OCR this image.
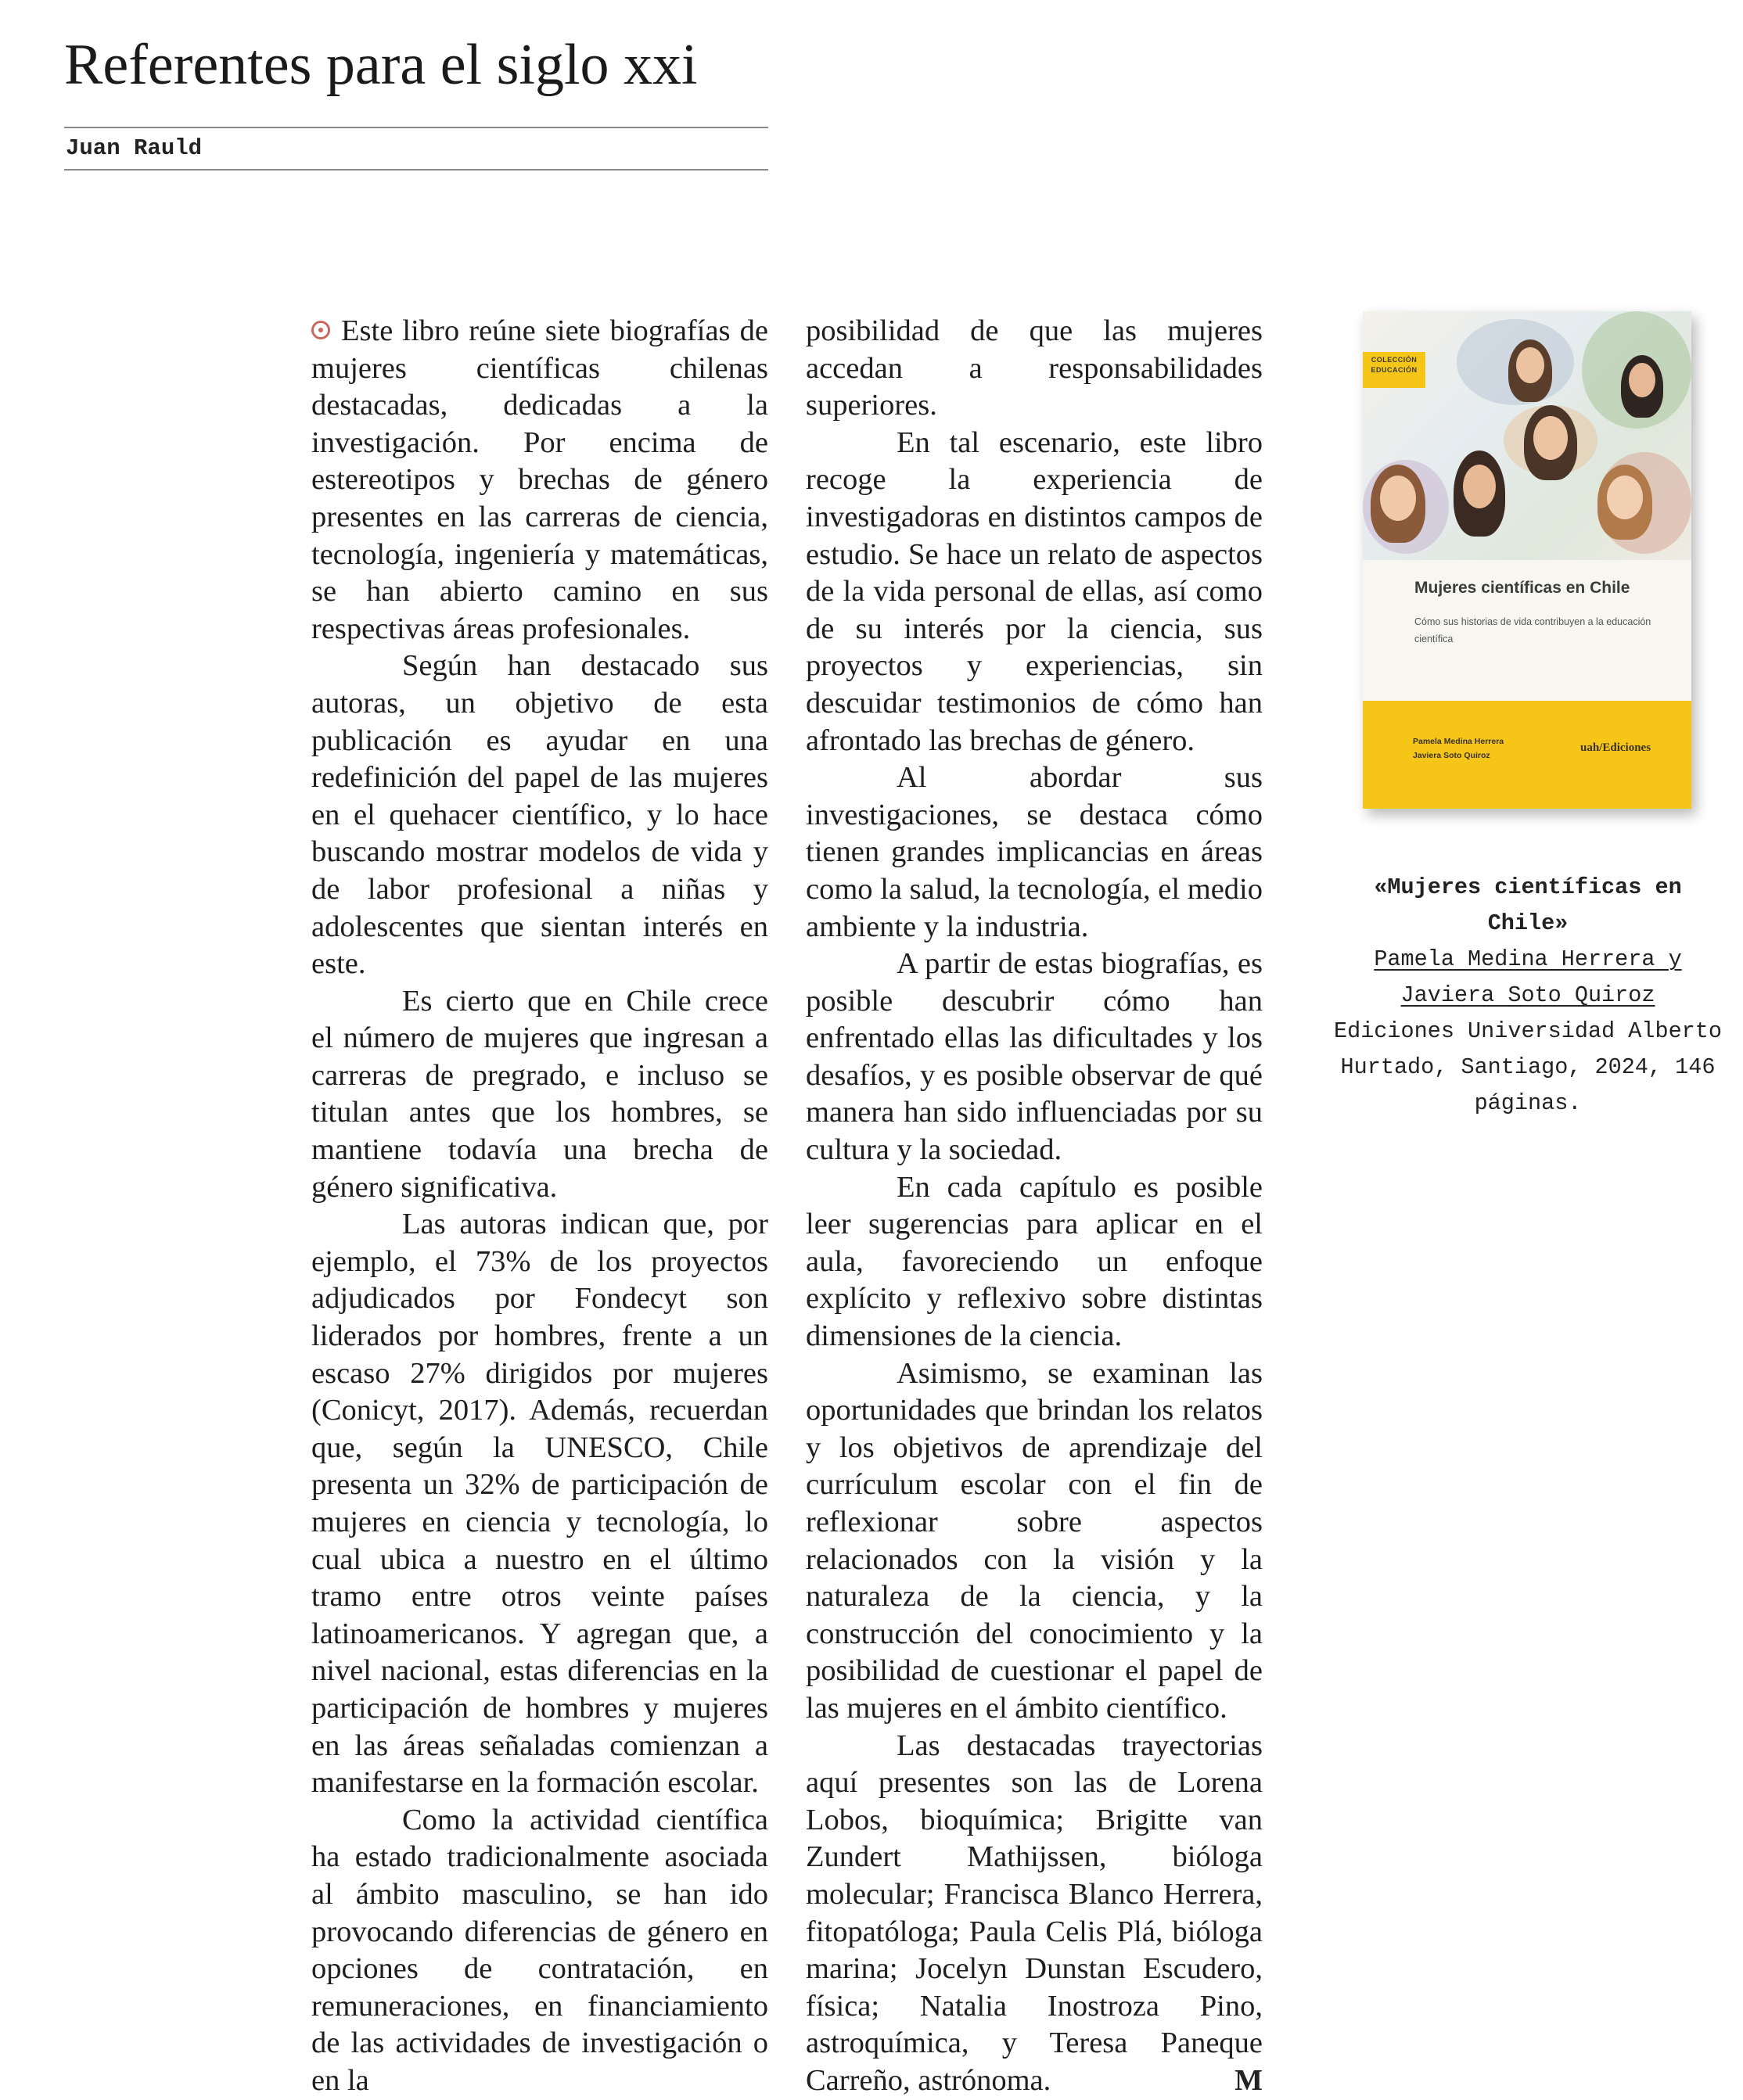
Referentes para el siglo xxi
Juan Rauld

Este libro reúne siete biografías de mujeres científicas chilenas destacadas, dedicadas a la investigación. Por encima de estereotipos y brechas de género presentes en las carreras de ciencia, tecnología, ingeniería y matemáticas, se han abierto camino en sus respectivas áreas profesionales.

Según han destacado sus autoras, un objetivo de esta publicación es ayudar en una redefinición del papel de las mujeres en el quehacer científico, y lo hace buscando mostrar modelos de vida y de labor profesional a niñas y adolescentes que sientan interés en este.

Es cierto que en Chile crece el número de mujeres que ingresan a carreras de pregrado, e incluso se titulan antes que los hombres, se mantiene todavía una brecha de género significativa.

Las autoras indican que, por ejemplo, el 73% de los proyectos adjudicados por Fondecyt son liderados por hombres, frente a un escaso 27% dirigidos por mujeres (Conicyt, 2017). Además, recuerdan que, según la UNESCO, Chile presenta un 32% de participación de mujeres en ciencia y tecnología, lo cual ubica a nuestro en el último tramo entre otros veinte países latinoamericanos. Y agregan que, a nivel nacional, estas diferencias en la participación de hombres y mujeres en las áreas señaladas comienzan a manifestarse en la formación escolar.

Como la actividad científica ha estado tradicionalmente asociada al ámbito masculino, se han ido provocando diferencias de género en opciones de contratación, en remuneraciones, en financiamiento de las actividades de investigación o en la

posibilidad de que las mujeres accedan a responsabilidades superiores.

En tal escenario, este libro recoge la experiencia de investigadoras en distintos campos de estudio. Se hace un relato de aspectos de la vida personal de ellas, así como de su interés por la ciencia, sus proyectos y experiencias, sin descuidar testimonios de cómo han afrontado las brechas de género.

Al abordar sus investigaciones, se destaca cómo tienen grandes implicancias en áreas como la salud, la tecnología, el medio ambiente y la industria.

A partir de estas biografías, es posible descubrir cómo han enfrentado ellas las dificultades y los desafíos, y es posible observar de qué manera han sido influenciadas por su cultura y la sociedad.

En cada capítulo es posible leer sugerencias para aplicar en el aula, favoreciendo un enfoque explícito y reflexivo sobre distintas dimensiones de la ciencia.

Asimismo, se examinan las oportunidades que brindan los relatos y los objetivos de aprendizaje del currículum escolar con el fin de reflexionar sobre aspectos relacionados con la visión y la naturaleza de la ciencia, y la construcción del conocimiento y la posibilidad de cuestionar el papel de las mujeres en el ámbito científico.

Las destacadas trayectorias aquí presentes son las de Lorena Lobos, bioquímica; Brigitte van Zundert Mathijssen, bióloga molecular; Francisca Blanco Herrera, fitopatóloga; Paula Celis Plá, bióloga marina; Jocelyn Dunstan Escudero, física; Natalia Inostroza Pino, astroquímica, y Teresa Paneque Carreño, astrónoma.	M

COLECCIÓN EDUCACIÓN
Mujeres científicas en Chile
Cómo sus historias de vida contribuyen a la educación científica
Pamela Medina Herrera
Javiera Soto Quiroz
uah/Ediciones
«Mujeres científicas en Chile»
Pamela Medina Herrera y Javiera Soto Quiroz
Ediciones Universidad Alberto Hurtado, Santiago, 2024, 146 páginas.
